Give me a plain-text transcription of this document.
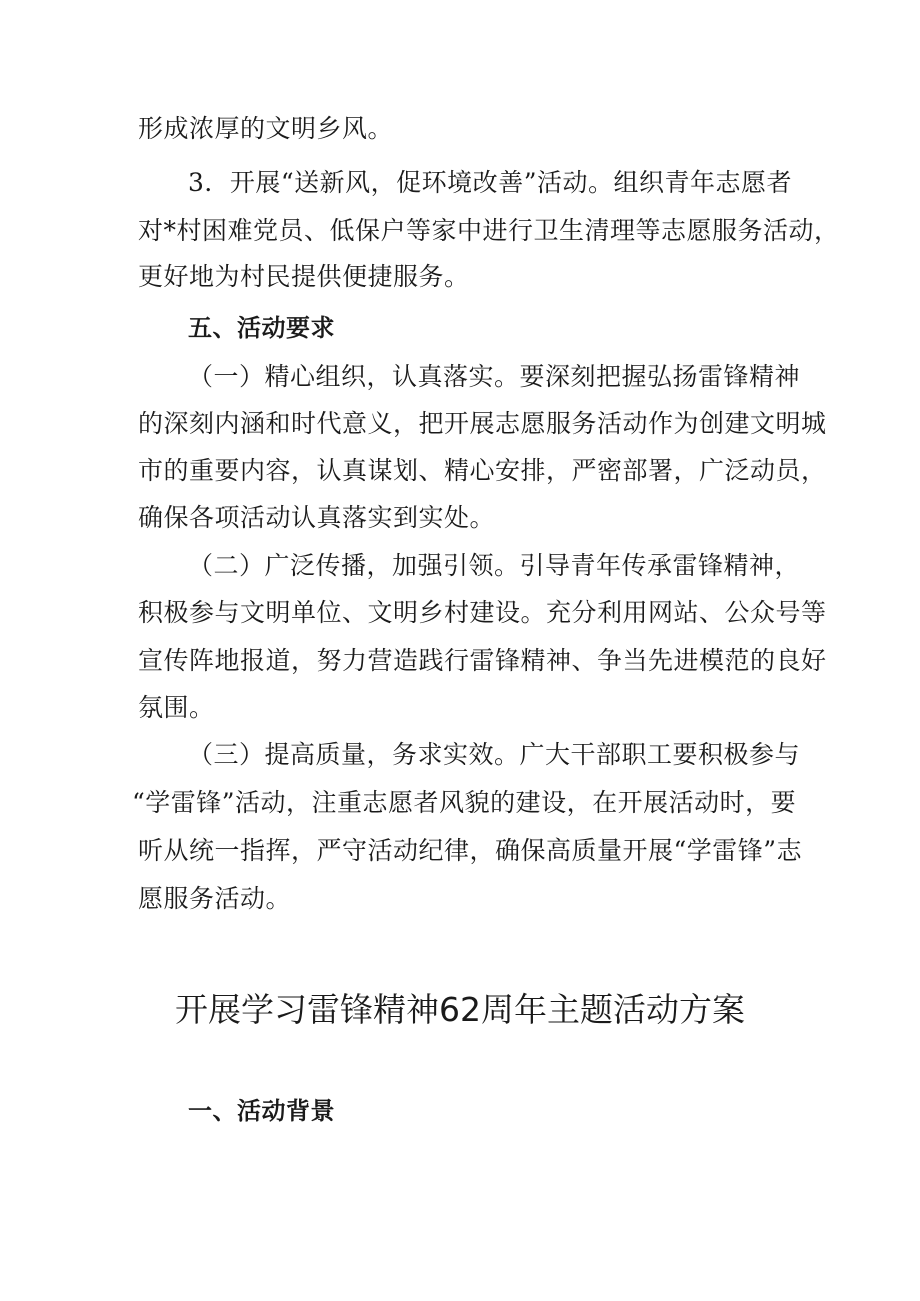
形成浓厚的文明乡风。
3．开展“送新风，促环境改善”活动。组织青年志愿者
对*村困难党员、低保户等家中进行卫生清理等志愿服务活动，
更好地为村民提供便捷服务。
五、活动要求
（一）精心组织，认真落实。要深刻把握弘扬雷锋精神
的深刻内涵和时代意义，把开展志愿服务活动作为创建文明城
市的重要内容，认真谋划、精心安排，严密部署，广泛动员，
确保各项活动认真落实到实处。
（二）广泛传播，加强引领。引导青年传承雷锋精神，
积极参与文明单位、文明乡村建设。充分利用网站、公众号等
宣传阵地报道，努力营造践行雷锋精神、争当先进模范的良好
氛围。
（三）提高质量，务求实效。广大干部职工要积极参与
“学雷锋”活动，注重志愿者风貌的建设，在开展活动时，要
听从统一指挥，严守活动纪律，确保高质量开展“学雷锋”志
愿服务活动。
开展学习雷锋精神62周年主题活动方案
一、活动背景
